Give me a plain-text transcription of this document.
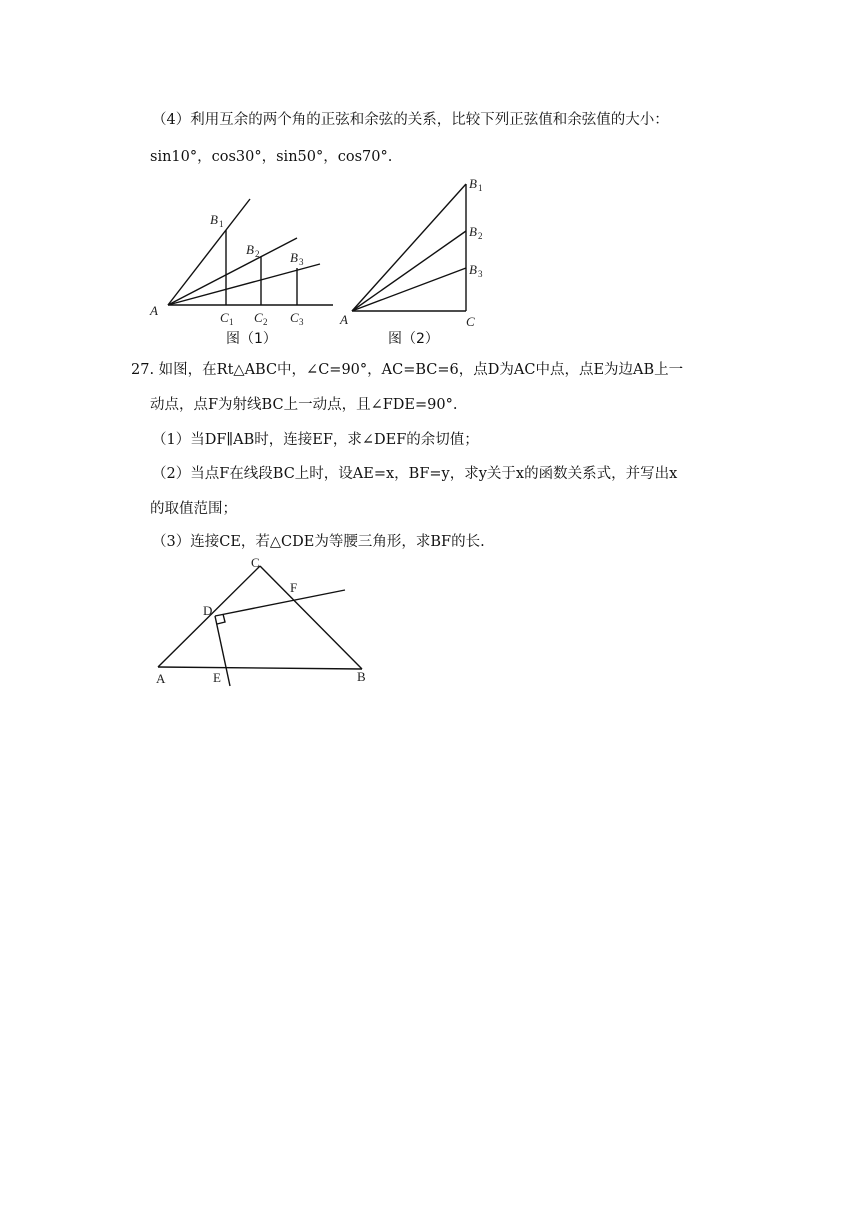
（4）利用互余的两个角的正弦和余弦的关系，比较下列正弦值和余弦值的大小：
sin10°，cos30°，sin50°，cos70°.
A
B 1
B 2 B 3
C 1 C 2 C 3
图（1）
A	C
B 1
B 2
B 3
图（2）
27. 如图，在Rt△ABC中，∠C=90°，AC=BC=6，点D为AC中点，点E为边AB上一
动点，点F为射线BC上一动点，且∠FDE=90°.
（1）当DF∥AB时，连接EF，求∠DEF的余切值；
（2）当点F在线段BC上时，设AE=x，BF=y，求y关于x的函数关系式，并写出x
的取值范围；
（3）连接CE，若△CDE为等腰三角形，求BF的长.
C
F
D
A	E	B
